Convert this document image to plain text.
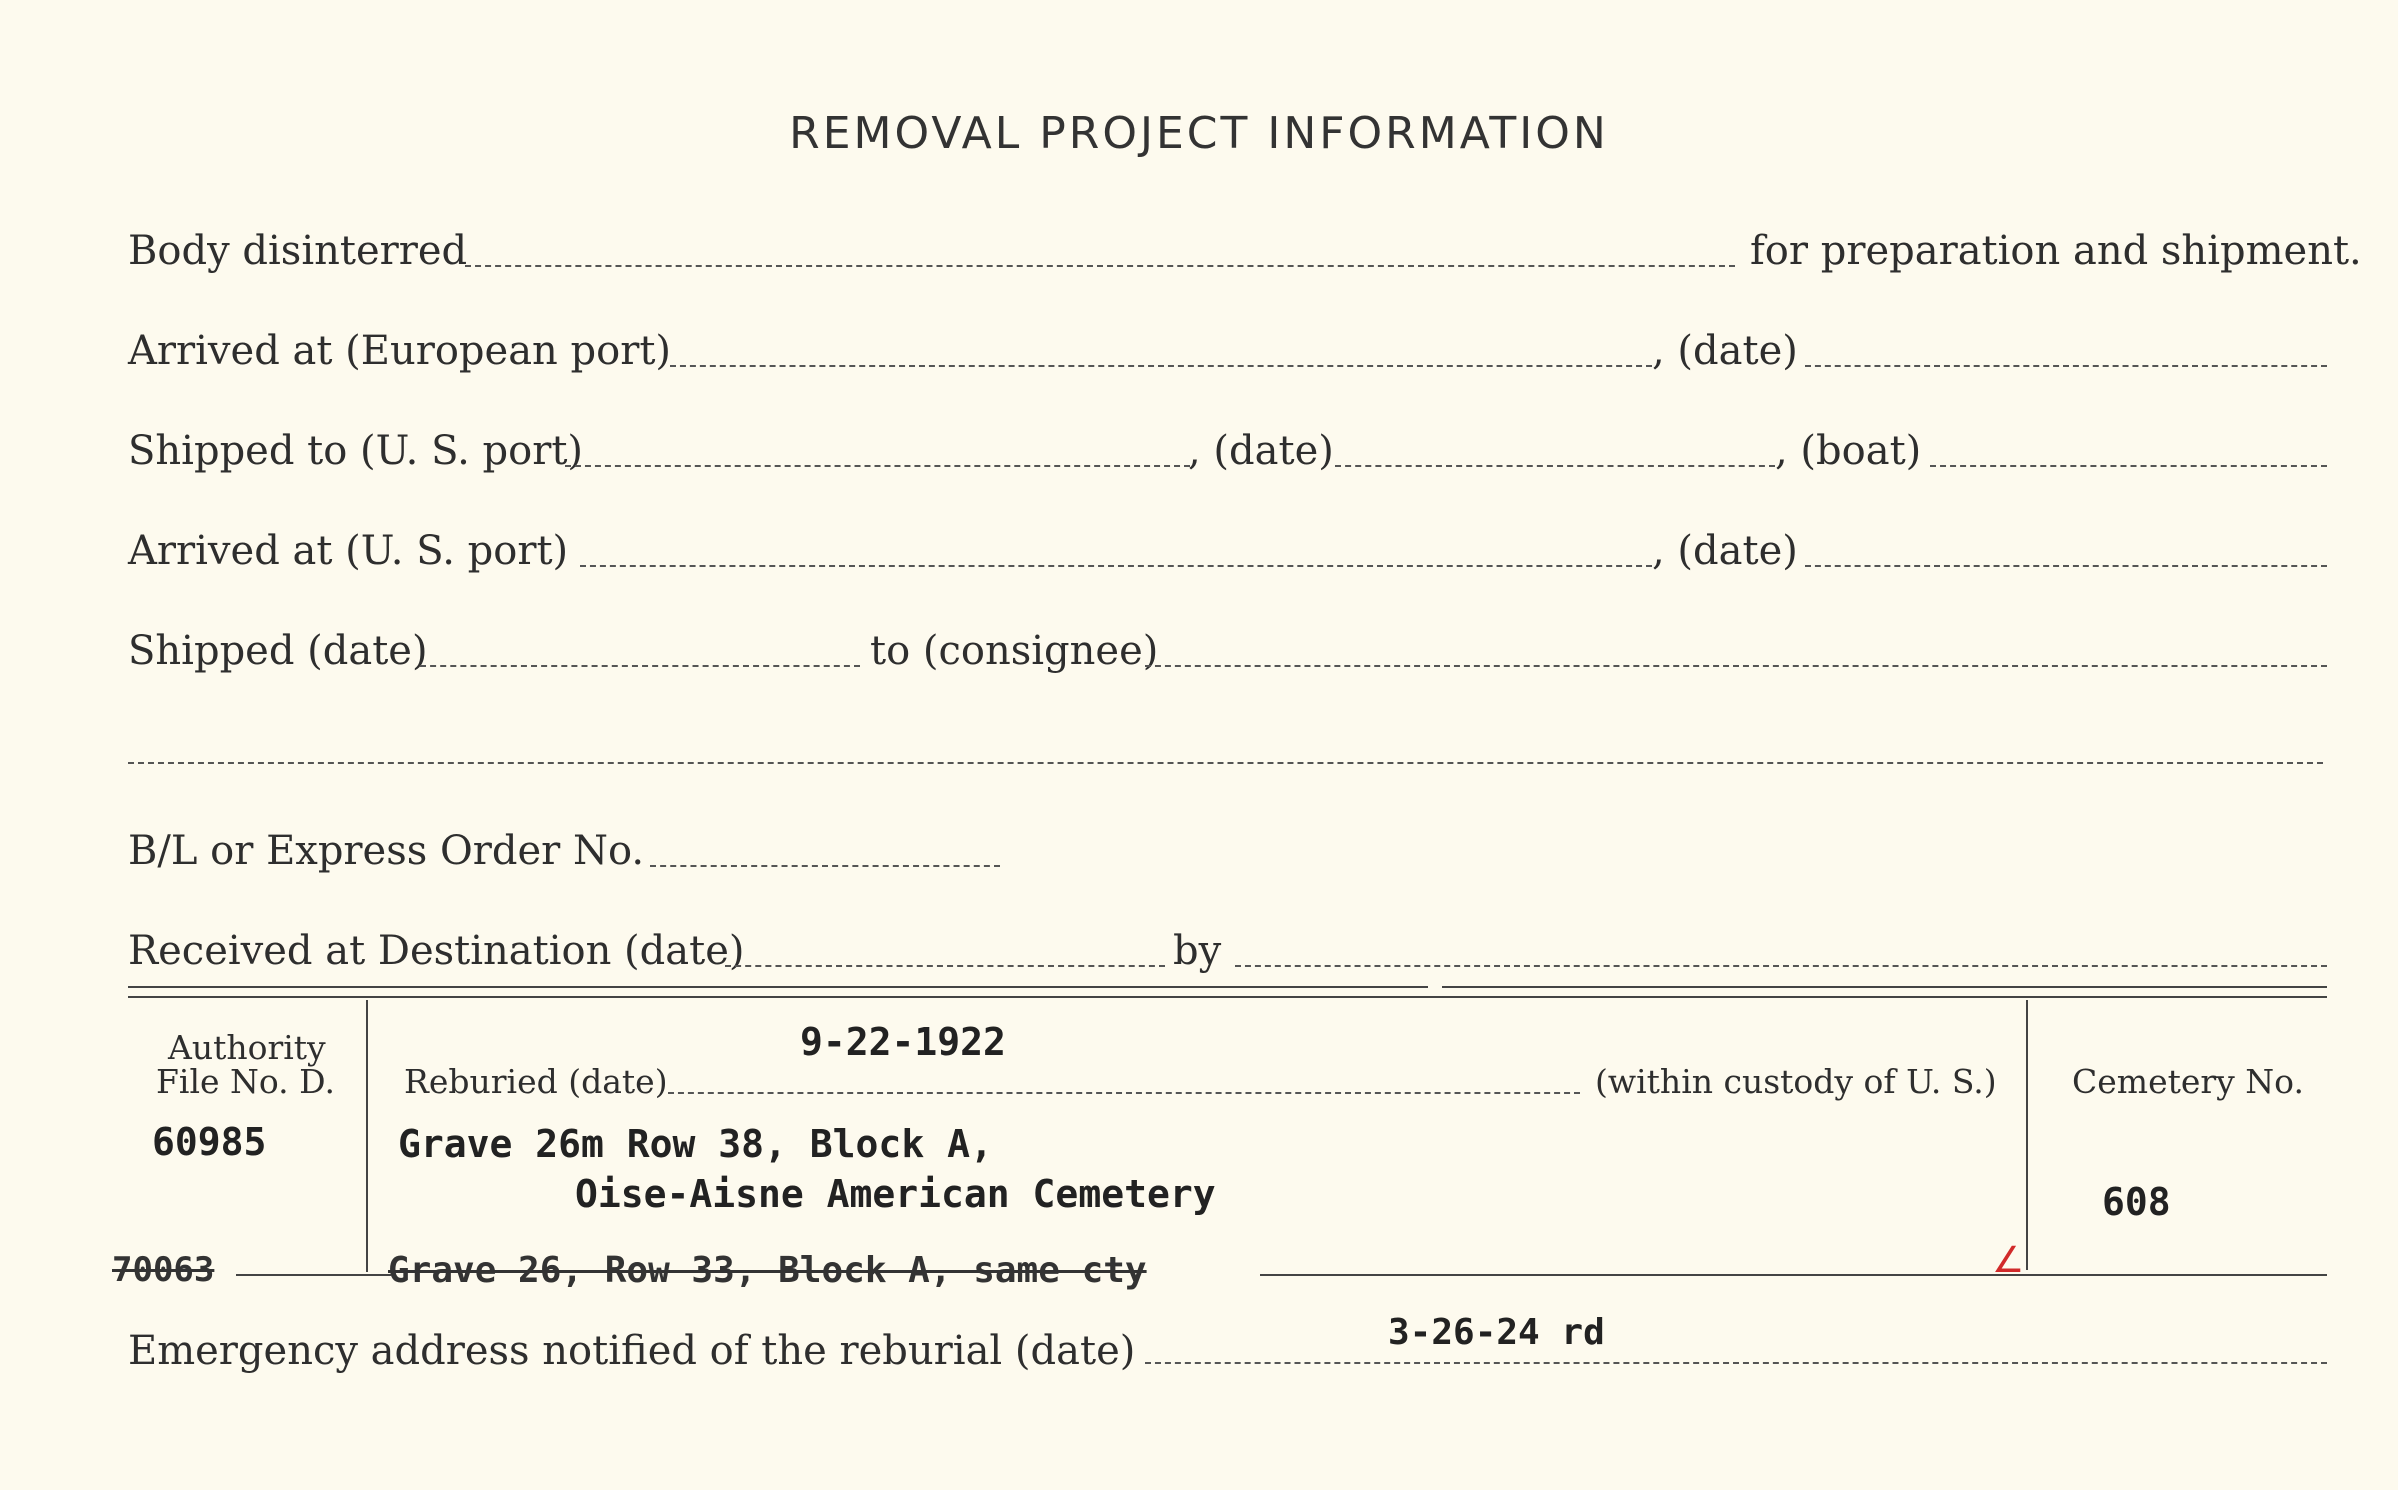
REMOVAL PROJECT INFORMATION
Body disinterred	for preparation and shipment.
Arrived at (European port)	, (date)
Shipped to (U. S. port)	, (date)	, (boat)
Arrived at (U. S. port)	, (date)
Shipped (date)	to (consignee)
B/L or Express Order No.
Received at Destination (date)	by
Authority
File No. D.
60985
9-22-1922
Reburied (date)	(within custody of U. S.)
Grave 26m Row 38, Block A,
Oise-Aisne American Cemetery
Cemetery No.
608
70063	Grave 26, Row 33, Block A, same cty	∠
3-26-24 rd
Emergency address notified of the reburial (date)
